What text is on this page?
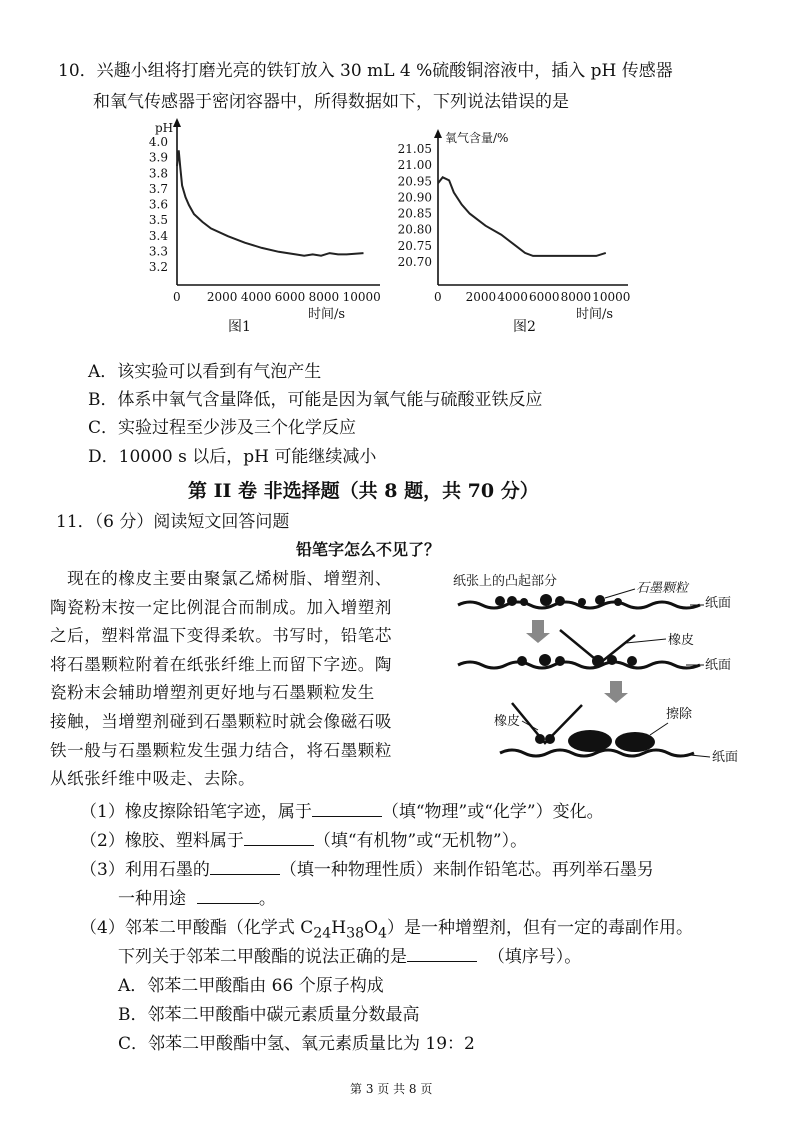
10．兴趣小组将打磨光亮的铁钉放入 30 mL 4 %硫酸铜溶液中，插入 pH 传感器
和氧气传感器于密闭容器中，所得数据如下，下列说法错误的是
pH
4.0
3.9
3.8
3.7
3.6
3.5
3.4
3.3
3.2
0 2000 4000 6000 8000 10000
时间/s
图1
氧气含量/%
21.05
21.00
20.95
20.90
20.85
20.80
20.75
20.70
0 2000 4000 6000 8000 10000
时间/s
图2
A．该实验可以看到有气泡产生
B．体系中氧气含量降低，可能是因为氧气能与硫酸亚铁反应
C．实验过程至少涉及三个化学反应
D．10000 s 以后，pH 可能继续减小
第 II 卷 非选择题（共 8 题，共 70 分）
11．（6 分）阅读短文回答问题
铅笔字怎么不见了？
　现在的橡皮主要由聚氯乙烯树脂、增塑剂、
陶瓷粉末按一定比例混合而制成。加入增塑剂
之后，塑料常温下变得柔软。书写时，铅笔芯
将石墨颗粒附着在纸张纤维上而留下字迹。陶
瓷粉末会辅助增塑剂更好地与石墨颗粒发生
接触，当增塑剂碰到石墨颗粒时就会像磁石吸
铁一般与石墨颗粒发生强力结合，将石墨颗粒
从纸张纤维中吸走、去除。
纸张上的凸起部分	石墨颗粒
纸面
橡皮
纸面
橡皮	擦除
纸面
（1）橡皮擦除铅笔字迹，属于	（填“物理”或“化学”）变化。
（2）橡胶、塑料属于	（填“有机物”或“无机物”）。
（3）利用石墨的	（填一种物理性质）来制作铅笔芯。再列举石墨另
一种用途	。
（4）邻苯二甲酸酯（化学式 $C_{24}H_{38}O_4$）是一种增塑剂，但有一定的毒副作用。
下列关于邻苯二甲酸酯的说法正确的是	（填序号）。
A．邻苯二甲酸酯由 66 个原子构成
B．邻苯二甲酸酯中碳元素质量分数最高
C．邻苯二甲酸酯中氢、氧元素质量比为 19：2
第 3 页 共 8 页
